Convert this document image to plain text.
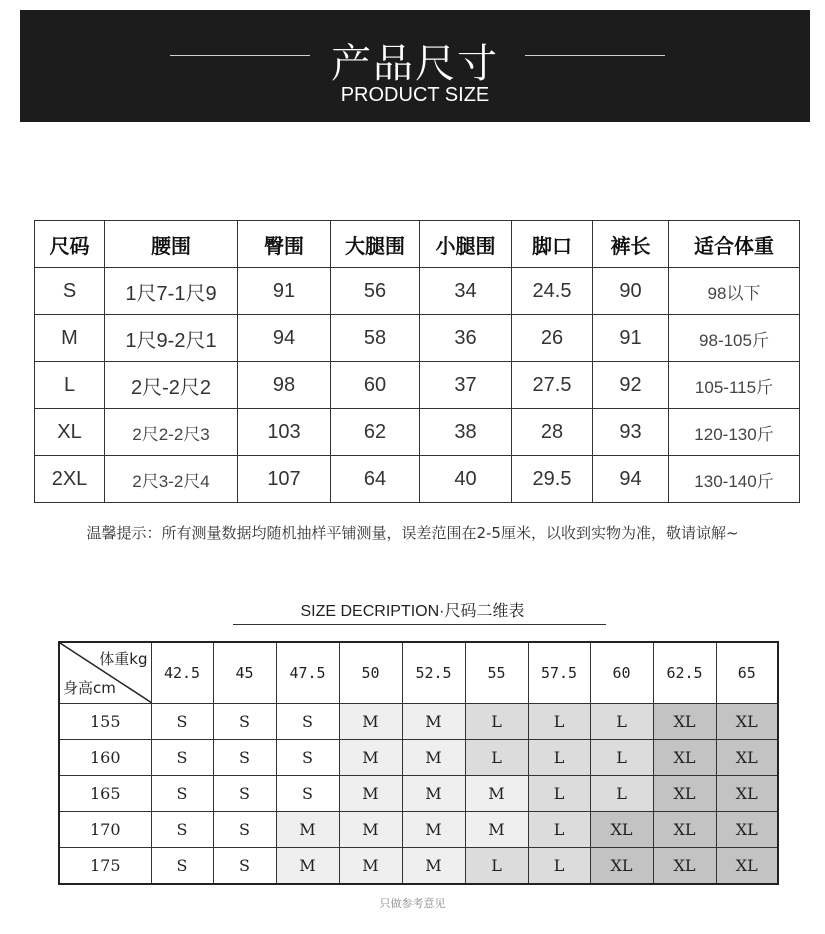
产品尺寸
PRODUCT SIZE
尺码	腰围	臀围	大腿围	小腿围	脚口	裤长	适合体重
S	1尺7-1尺9	91	56	34	24.5	90	98以下
M	1尺9-2尺1	94	58	36	26	91	98-105斤
L	2尺-2尺2	98	60	37	27.5	92	105-115斤
XL	2尺2-2尺3	103	62	38	28	93	120-130斤
2XL	2尺3-2尺4	107	64	40	29.5	94	130-140斤
温馨提示：所有测量数据均随机抽样平铺测量，误差范围在2-5厘米，以收到实物为准，敬请谅解~
SIZE DECRIPTION·尺码二维表
体重kg
身高cm	42.5	45	47.5	50	52.5	55	57.5	60	62.5	65
155	S	S	S	M	M	L	L	L	XL	XL
160	S	S	S	M	M	L	L	L	XL	XL
165	S	S	S	M	M	M	L	L	XL	XL
170	S	S	M	M	M	M	L	XL	XL	XL
175	S	S	M	M	M	L	L	XL	XL	XL
只做参考意见
